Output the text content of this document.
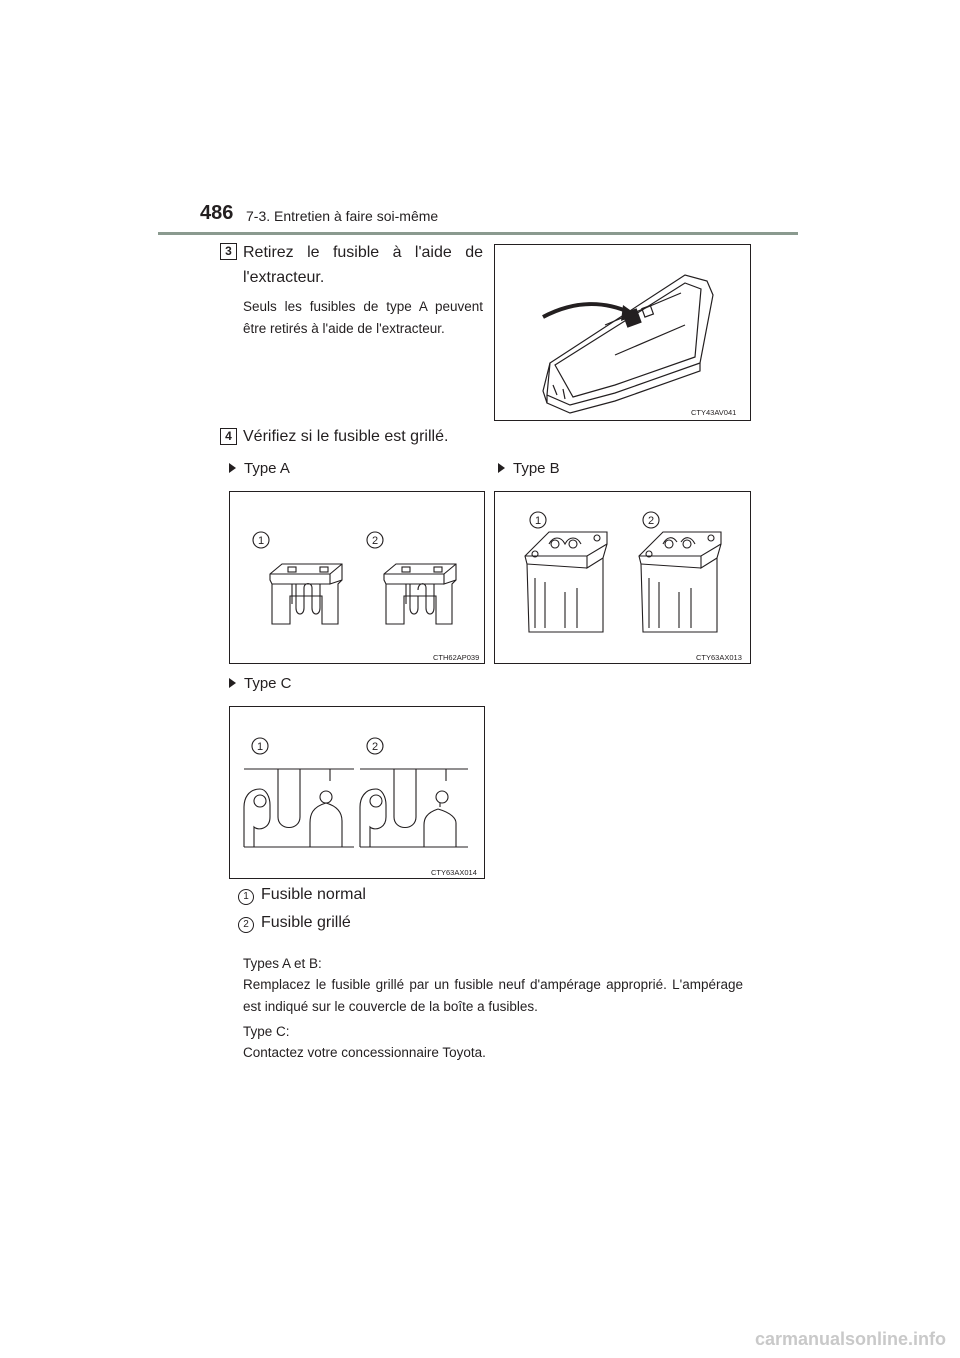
486 7-3. Entretien à faire soi-même
3 Retirez le fusible à l'aide de l'extracteur.
Seuls les fusibles de type A peuvent être retirés à l'aide de l'extracteur.
CTY43AV041
4 Vérifiez si le fusible est grillé.
Type A	Type B
1	2
CTH62AP039
1	2
CTY63AX013
Type C
1	2
CTY63AX014
1 Fusible normal
2 Fusible grillé
Types A et B:
Remplacez le fusible grillé par un fusible neuf d'ampérage approprié. L'ampérage est indiqué sur le couvercle de la boîte a fusibles.
Type C:
Contactez votre concessionnaire Toyota.
carmanualsonline.info
